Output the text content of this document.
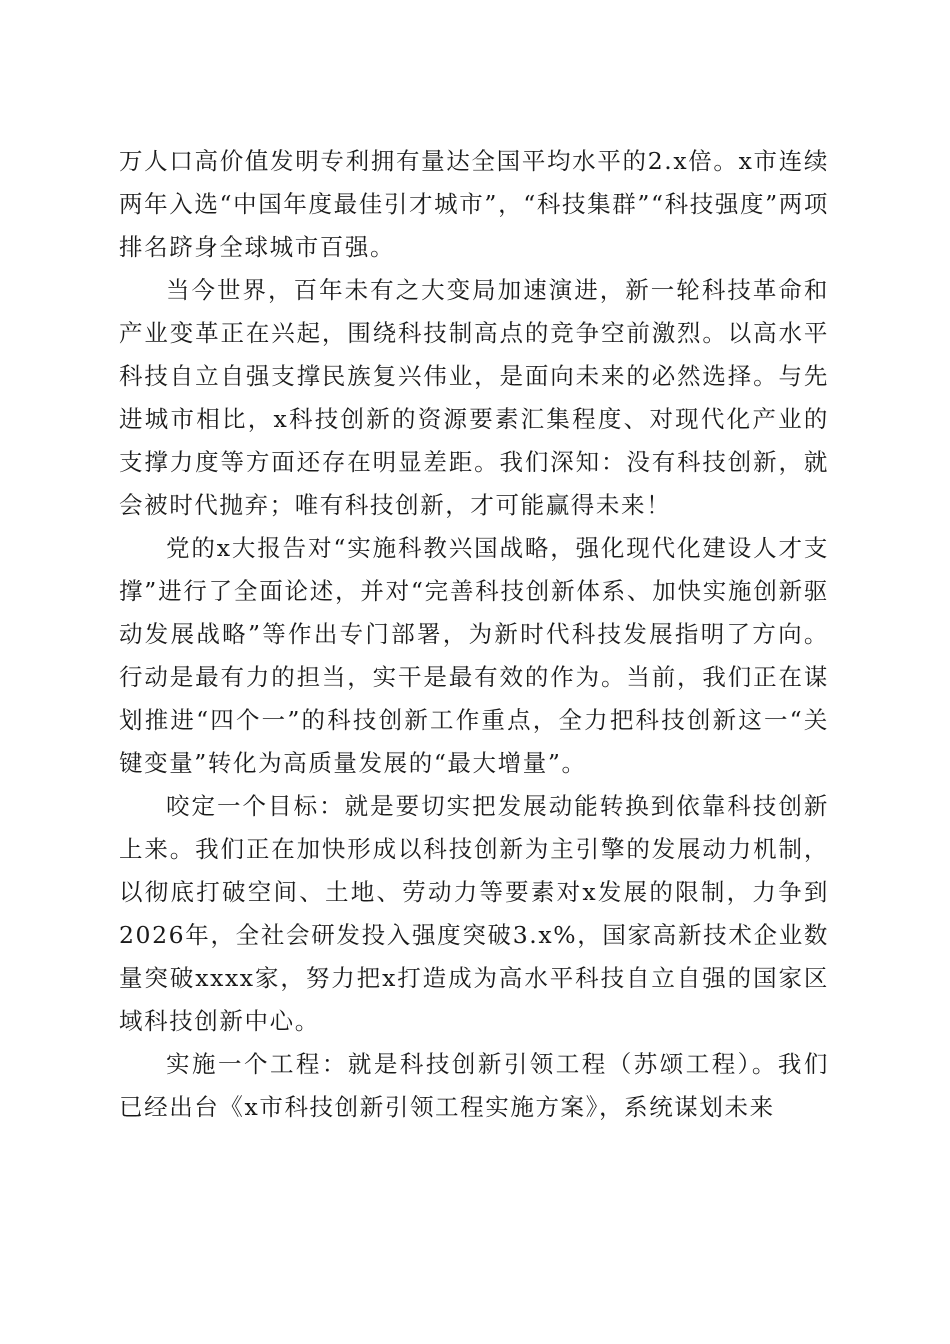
万人口高价值发明专利拥有量达全国平均水平的2.x倍。x市连续两年入选“中国年度最佳引才城市”，“科技集群”“科技强度”两项排名跻身全球城市百强。

当今世界，百年未有之大变局加速演进，新一轮科技革命和产业变革正在兴起，围绕科技制高点的竞争空前激烈。以高水平科技自立自强支撑民族复兴伟业，是面向未来的必然选择。与先进城市相比，x科技创新的资源要素汇集程度、对现代化产业的支撑力度等方面还存在明显差距。我们深知：没有科技创新，就会被时代抛弃；唯有科技创新，才可能赢得未来！

党的x大报告对“实施科教兴国战略，强化现代化建设人才支撑”进行了全面论述，并对“完善科技创新体系、加快实施创新驱动发展战略”等作出专门部署，为新时代科技发展指明了方向。行动是最有力的担当，实干是最有效的作为。当前，我们正在谋划推进“四个一”的科技创新工作重点，全力把科技创新这一“关键变量”转化为高质量发展的“最大增量”。

咬定一个目标：就是要切实把发展动能转换到依靠科技创新上来。我们正在加快形成以科技创新为主引擎的发展动力机制，以彻底打破空间、土地、劳动力等要素对x发展的限制，力争到2026年，全社会研发投入强度突破3.x%，国家高新技术企业数量突破xxxx家，努力把x打造成为高水平科技自立自强的国家区域科技创新中心。

实施一个工程：就是科技创新引领工程（苏颂工程）。我们已经出台《x市科技创新引领工程实施方案》，系统谋划未来
